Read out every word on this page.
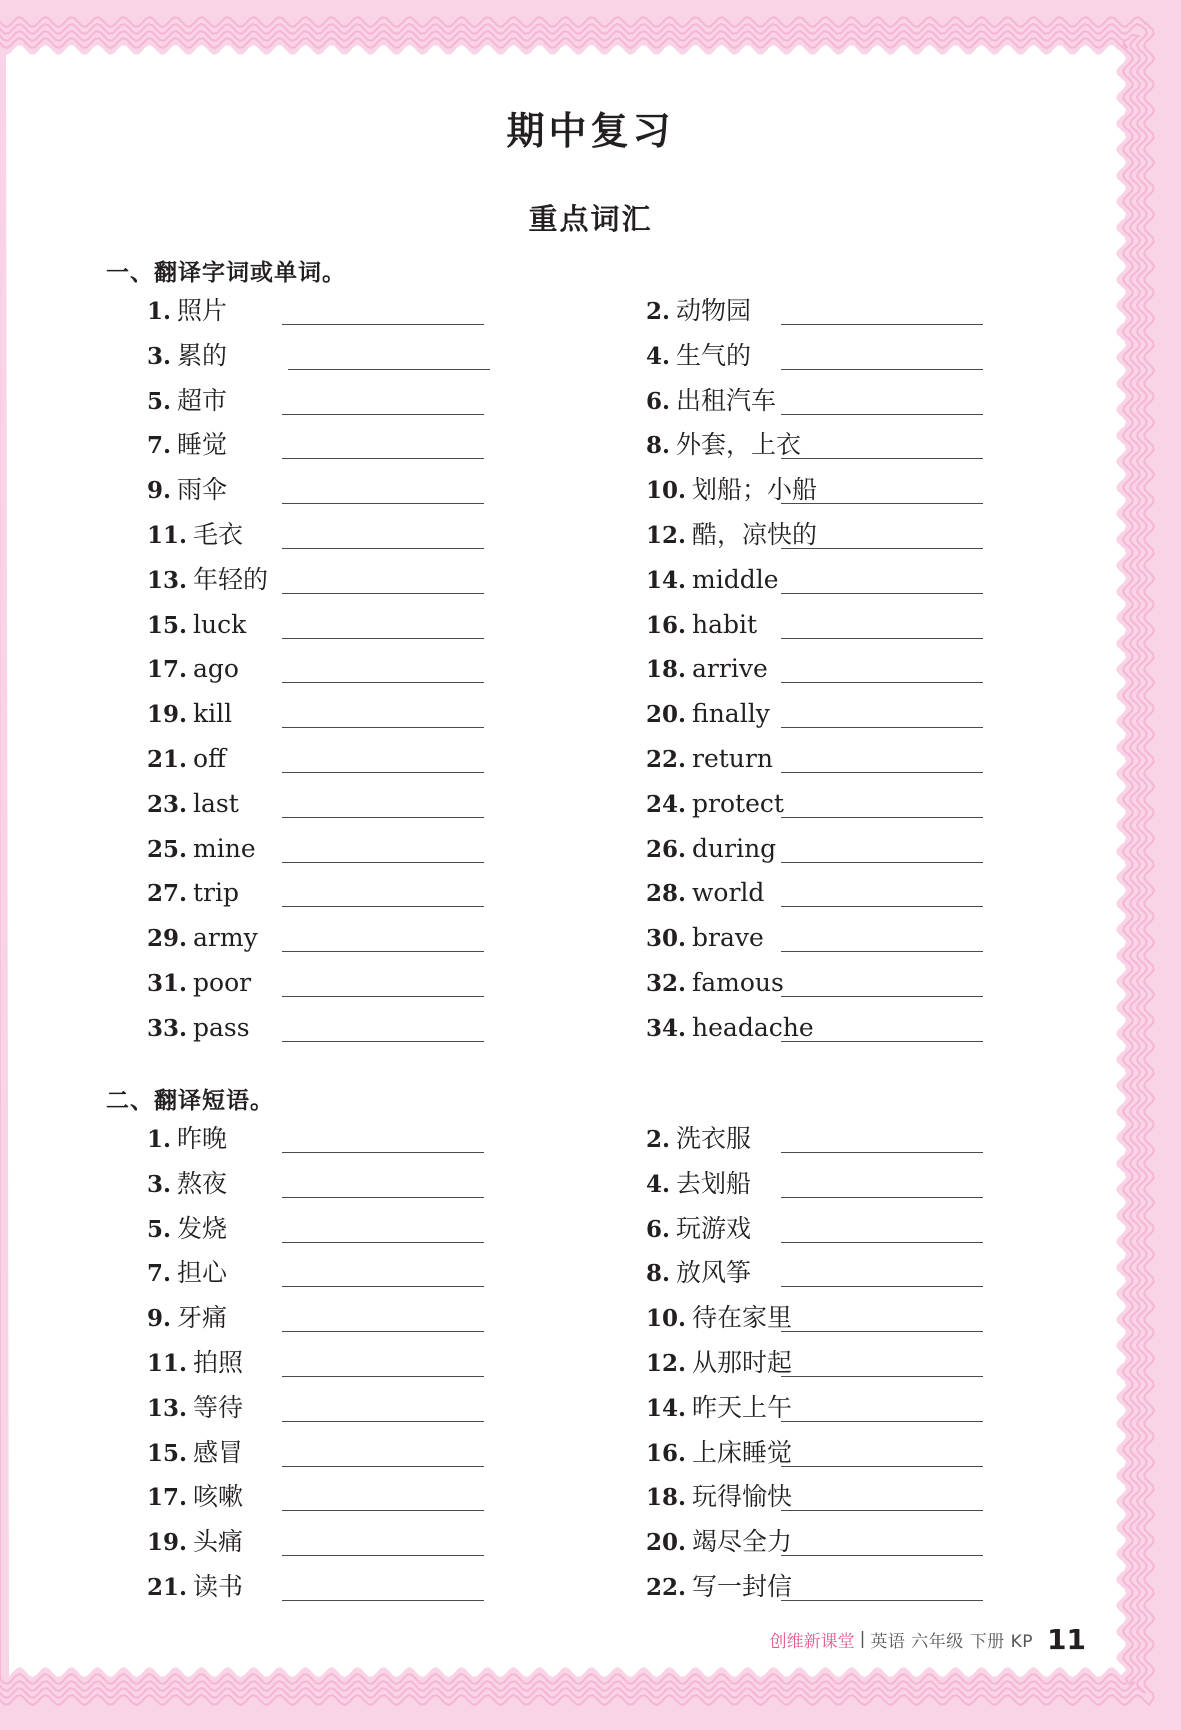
期中复习
重点词汇
一、翻译字词或单词。
1. 照片
3. 累的
5. 超市
7. 睡觉
9. 雨伞
11. 毛衣
13. 年轻的
15. luck
17. ago
19. kill
21. off
23. last
25. mine
27. trip
29. army
31. poor
33. pass
2. 动物园
4. 生气的
6. 出租汽车
8. 外套，上衣
10. 划船；小船
12. 酷，凉快的
14. middle
16. habit
18. arrive
20. finally
22. return
24. protect
26. during
28. world
30. brave
32. famous
34. headache
二、翻译短语。
1. 昨晚
3. 熬夜
5. 发烧
7. 担心
9. 牙痛
11. 拍照
13. 等待
15. 感冒
17. 咳嗽
19. 头痛
21. 读书
2. 洗衣服
4. 去划船
6. 玩游戏
8. 放风筝
10. 待在家里
12. 从那时起
14. 昨天上午
16. 上床睡觉
18. 玩得愉快
20. 竭尽全力
22. 写一封信
创维新课堂 | 英语 六年级 下册 KP 11
